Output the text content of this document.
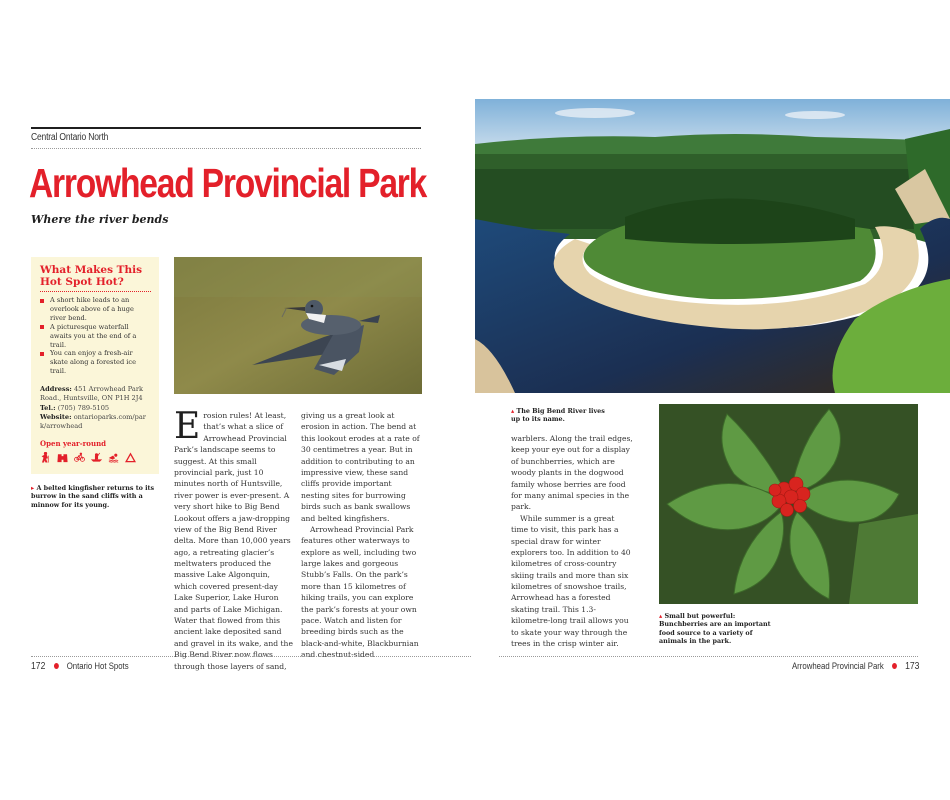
Central Ontario North
Arrowhead Provincial Park
Where the river bends
What Makes This
Hot Spot Hot?
A short hike leads to an overlook above of a huge river bend.
A picturesque waterfall awaits you at the end of a trail.
You can enjoy a fresh-air skate along a forested ice trail.
Address: 451 Arrowhead Park Road., Huntsville, ON P1H 2J4
Tel.: (705) 789-5105
Website: ontarioparks.com/park/arrowhead
Open year-round
▸ A belted kingfisher returns to its burrow in the sand cliffs with a minnow for its young.
Erosion rules! At least, that’s what a slice of Arrowhead Provincial Park’s landscape seems to suggest. At this small provincial park, just 10 minutes north of Huntsville, river power is ever-present. A very short hike to Big Bend Lookout offers a jaw-dropping view of the Big Bend River delta. More than 10,000 years ago, a retreating glacier’s meltwaters produced the massive Lake Algonquin, which covered present-day Lake Superior, Lake Huron and parts of Lake Michigan. Water that flowed from this ancient lake deposited sand and gravel in its wake, and the Big Bend River now flows through those layers of sand,

giving us a great look at erosion in action. The bend at this lookout erodes at a rate of 30 centimetres a year. But in addition to contributing to an impressive view, these sand cliffs provide important nesting sites for burrowing birds such as bank swallows and belted kingfishers.

Arrowhead Provincial Park features other waterways to explore as well, including two large lakes and gorgeous Stubb’s Falls. On the park’s more than 15 kilometres of hiking trails, you can explore the park’s forests at your own pace. Watch and listen for breeding birds such as the black-and-white, Blackburnian and chestnut-sided

172 Ontario Hot Spots
▴ The Big Bend River lives up to its name.

warblers. Along the trail edges, keep your eye out for a display of bunchberries, which are woody plants in the dogwood family whose berries are food for many animal species in the park.

While summer is a great time to visit, this park has a special draw for winter explorers too. In addition to 40 kilometres of cross-country skiing trails and more than six kilometres of snowshoe trails, Arrowhead has a forested skating trail. This 1.3-kilometre-long trail allows you to skate your way through the trees in the crisp winter air.

▴ Small but powerful: Bunchberries are an important food source to a variety of animals in the park.
Arrowhead Provincial Park 173
